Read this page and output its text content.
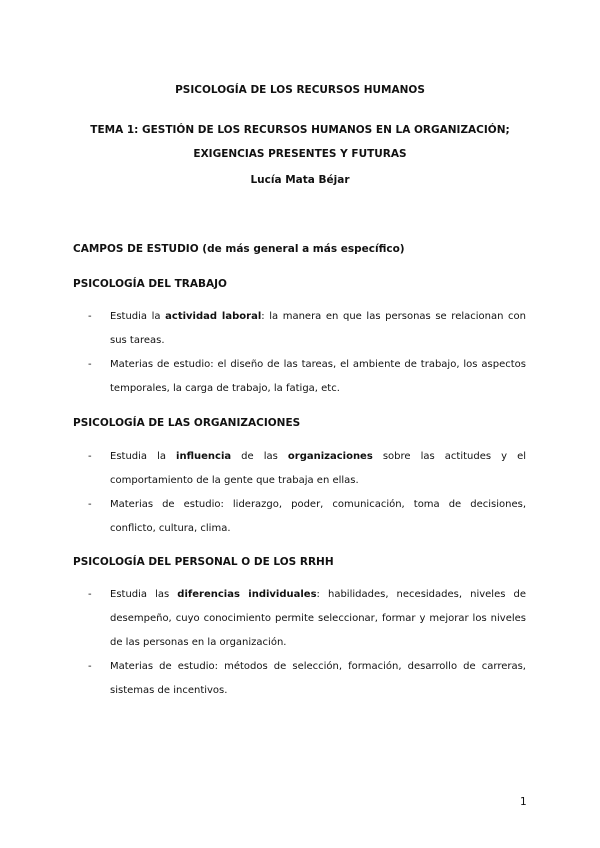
PSICOLOGÍA DE LOS RECURSOS HUMANOS
TEMA 1: GESTIÓN DE LOS RECURSOS HUMANOS EN LA ORGANIZACIÓN; EXIGENCIAS PRESENTES Y FUTURAS
Lucía Mata Béjar
CAMPOS DE ESTUDIO (de más general a más específico)
PSICOLOGÍA DEL TRABAJO
- Estudia la actividad laboral: la manera en que las personas se relacionan con sus tareas.
- Materias de estudio: el diseño de las tareas, el ambiente de trabajo, los aspectos temporales, la carga de trabajo, la fatiga, etc.
PSICOLOGÍA DE LAS ORGANIZACIONES
- Estudia la influencia de las organizaciones sobre las actitudes y el comportamiento de la gente que trabaja en ellas.
- Materias de estudio: liderazgo, poder, comunicación, toma de decisiones, conflicto, cultura, clima.
PSICOLOGÍA DEL PERSONAL O DE LOS RRHH
- Estudia las diferencias individuales: habilidades, necesidades, niveles de desempeño, cuyo conocimiento permite seleccionar, formar y mejorar los niveles de las personas en la organización.
- Materias de estudio: métodos de selección, formación, desarrollo de carreras, sistemas de incentivos.
1
